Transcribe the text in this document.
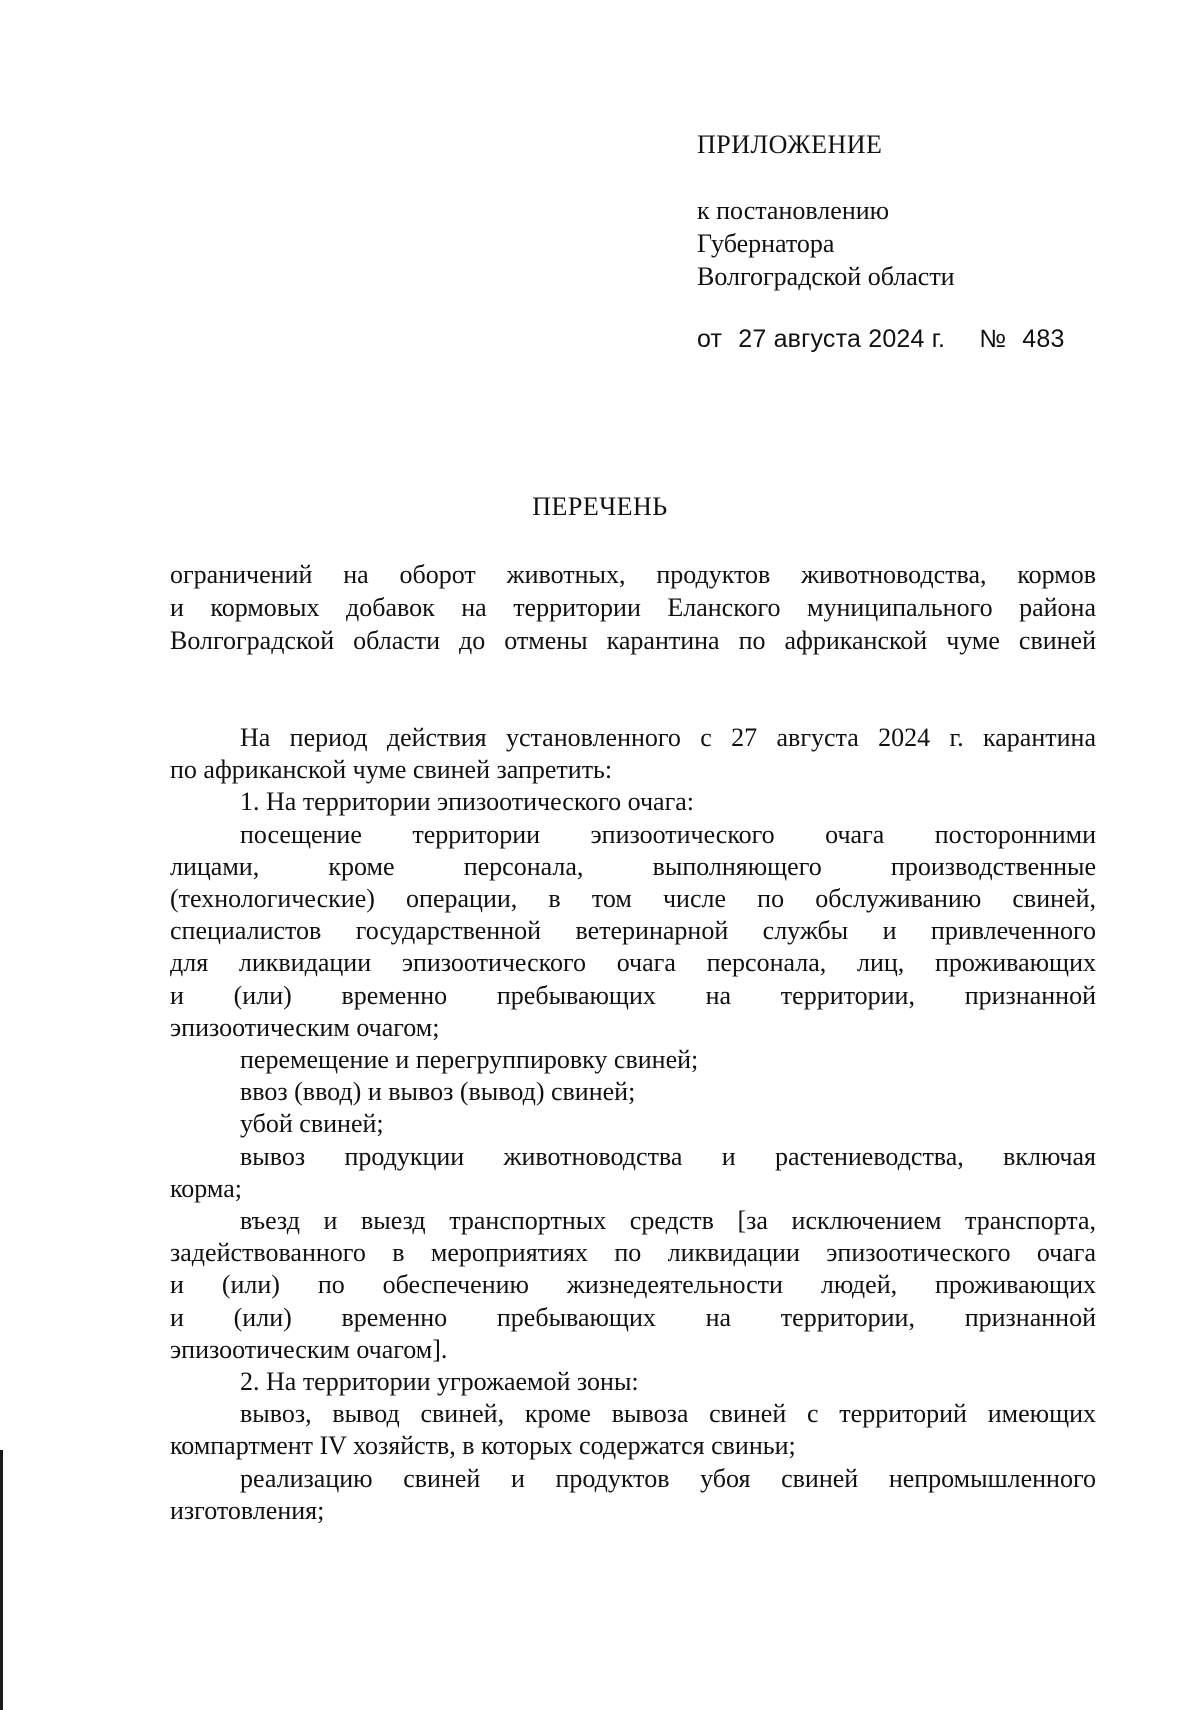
ПРИЛОЖЕНИЕ

к постановлению
Губернатора
Волгоградской области
от 27 августа 2024 г. № 483
ПЕРЕЧЕНЬ
ограничений на оборот животных, продуктов животноводства, кормов
и кормовых добавок на территории Еланского муниципального района
Волгоградской области до отмены карантина по африканской чуме свиней
На период действия установленного с 27 августа 2024 г. карантина
по африканской чуме свиней запретить:
1. На территории эпизоотического очага:
посещение территории эпизоотического очага посторонними
лицами, кроме персонала, выполняющего производственные
(технологические) операции, в том числе по обслуживанию свиней,
специалистов государственной ветеринарной службы и привлеченного
для ликвидации эпизоотического очага персонала, лиц, проживающих
и (или) временно пребывающих на территории, признанной
эпизоотическим очагом;
перемещение и перегруппировку свиней;
ввоз (ввод) и вывоз (вывод) свиней;
убой свиней;
вывоз продукции животноводства и растениеводства, включая
корма;
въезд и выезд транспортных средств [за исключением транспорта,
задействованного в мероприятиях по ликвидации эпизоотического очага
и (или) по обеспечению жизнедеятельности людей, проживающих
и (или) временно пребывающих на территории, признанной
эпизоотическим очагом].
2. На территории угрожаемой зоны:
вывоз, вывод свиней, кроме вывоза свиней с территорий имеющих
компартмент IV хозяйств, в которых содержатся свиньи;
реализацию свиней и продуктов убоя свиней непромышленного
изготовления;
